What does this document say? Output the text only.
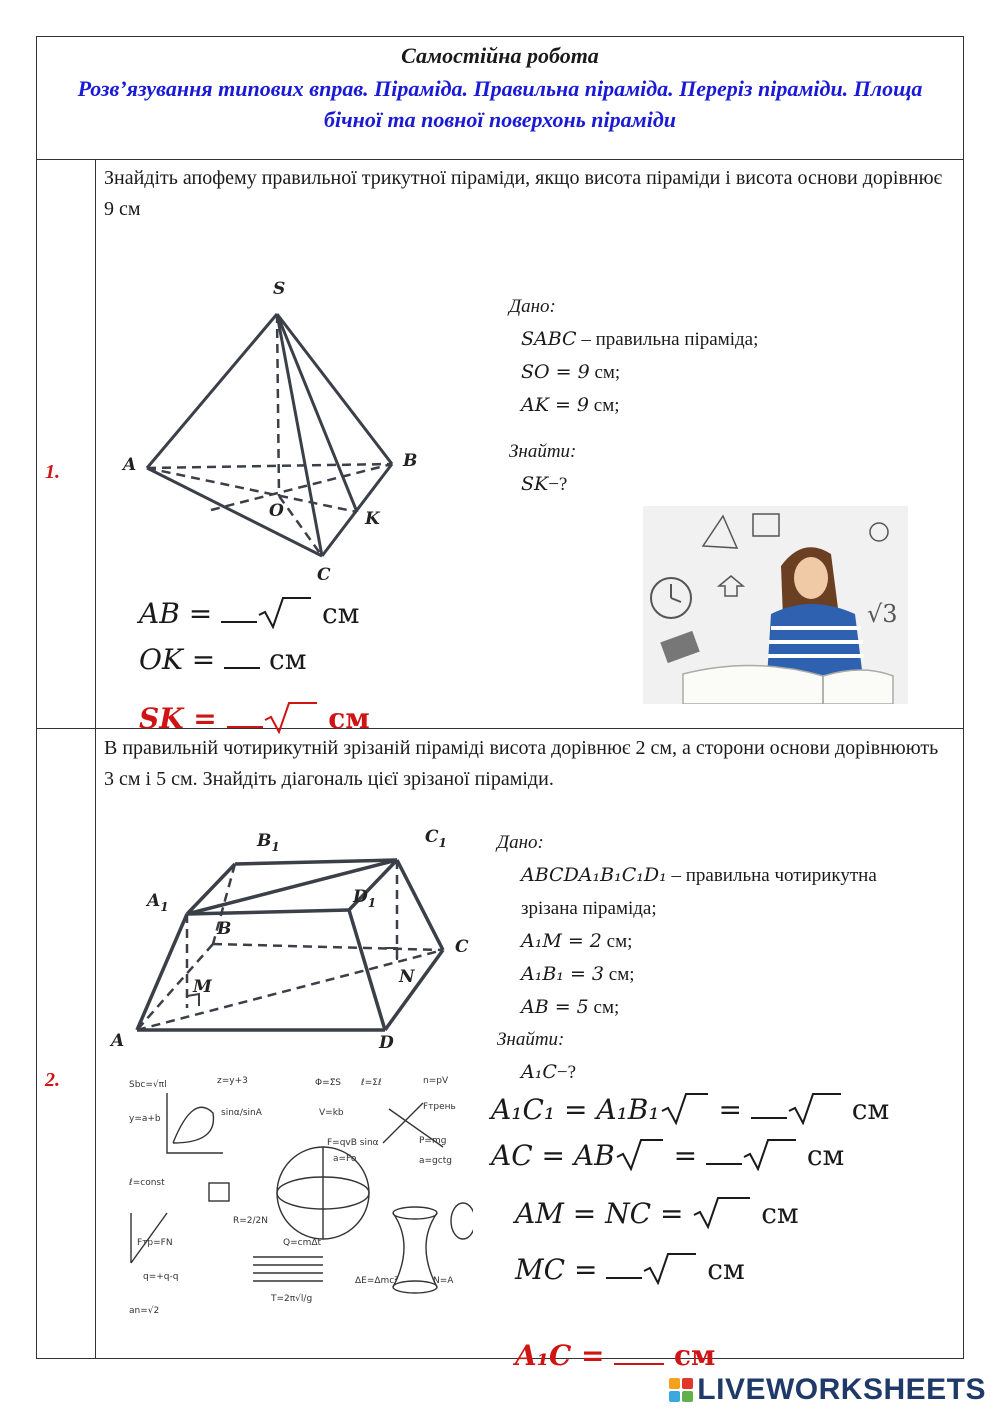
Самостійна робота
Розв’язування типових вправ. Піраміда. Правильна піраміда. Переріз піраміди. Площа бічної та повної поверхонь піраміди
1.
Знайдіть апофему правильної трикутної піраміди, якщо висота піраміди і висота основи дорівнює 9 см
S
A	B
O	K
C
Дано:
SABC – правильна піраміда;
SO = 9 см;
AK = 9 см;
Знайти:
SK−?
√3
AB =	см
OK =  см
SK =	см
2.
В правильній чотирикутній зрізаній піраміді висота дорівнює 2 см, а сторони основи дорівнюють 3 см і 5 см. Знайдіть діагональ цієї зрізаної піраміди.
$B_1$	$C_1$
$A_1$	$D_1$
B
C
M	N
A	D
Дано:
ABCDA₁B₁C₁D₁ – правильна чотирикутна
зрізана піраміда;
A₁M = 2 см;
A₁B₁ = 3 см;
AB = 5 см;
Знайти:
A₁C−?
Sbc=√πl	z=y+3	Φ=Σ⃗S ℓ=Σℓ	n=pV
y=a+b
sinα/sinA	V=kb
Fтрень
F=qvB sinα	P=mg
a=Fo	a=gctg
ℓ=const
Fтр=FN
R=2/2N
Q=cmΔt
q=+q-q
an=√2
T=2π√l/g
ΔE=Δmc²	N=A
A₁C₁ = A₁B₁ =	см
AC = AB =	см
AM = NC =  см
MC =	см
A₁C =  см
LIVEWORKSHEETS
